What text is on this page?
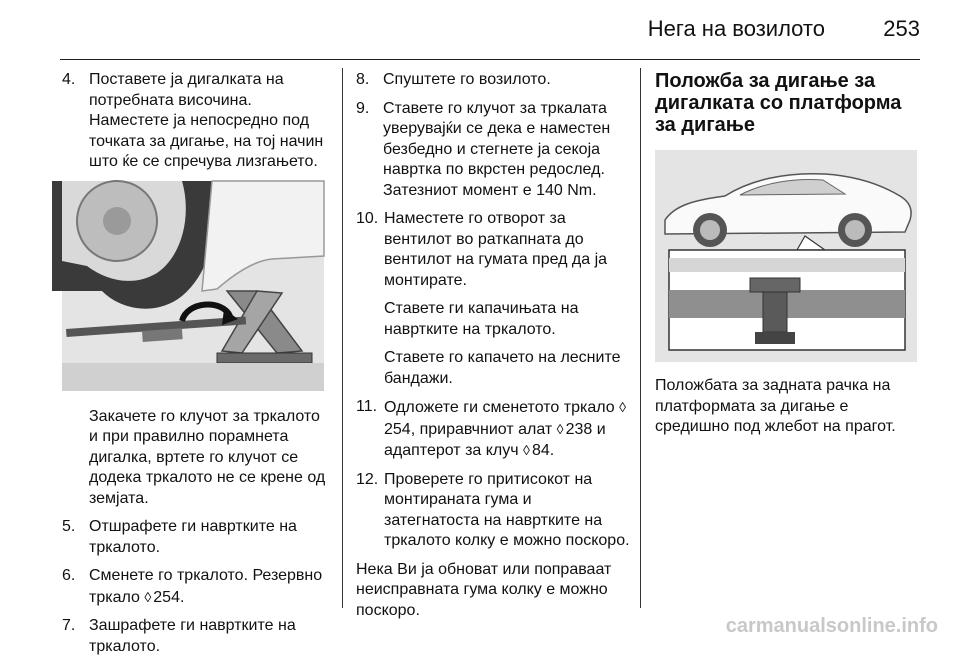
Нега на возилото	253
4. Поставете ја дигалката на потребната височина.
Наместете ја непосредно под точката за дигање, на тој начин што ќе се спречува лизгањето.
Закачете го клучот за тркалото и при правилно порамнета дигалка, вртете го клучот се додека тркалото не се крене од земјата.
5. Отшрафете ги навртките на тркалото.
6. Сменете го тркалото. Резервно тркало ◊ 254.
7. Зашрафете ги навртките на тркалото.
8. Спуштете го возилото.
9. Ставете го клучот за тркалата уверувајќи се дека е наместен безбедно и стегнете ја секоја навртка по вкрстен редослед. Затезниот момент е 140 Nm.
10. Наместете го отворот за вентилот во раткапната до вентилот на гумата пред да ја монтирате.
Ставете ги капачињата на навртките на тркалото.
Ставете го капачето на лесните бандажи.
11. Одложете ги сменетото тркало ◊254, приравчниот алат ◊ 238 и адаптерот за клуч ◊ 84.
12. Проверете го притисокот на монтираната гума и затегнатоста на навртките на тркалото колку е можно поскоро.
Нека Ви ја обноват или поправаат неисправната гума колку е можно поскоро.
Положба за дигање за дигалката со платформа за дигање
Положбата за задната рачка на платформата за дигање е средишно под жлебот на прагот.
carmanualsonline.info
